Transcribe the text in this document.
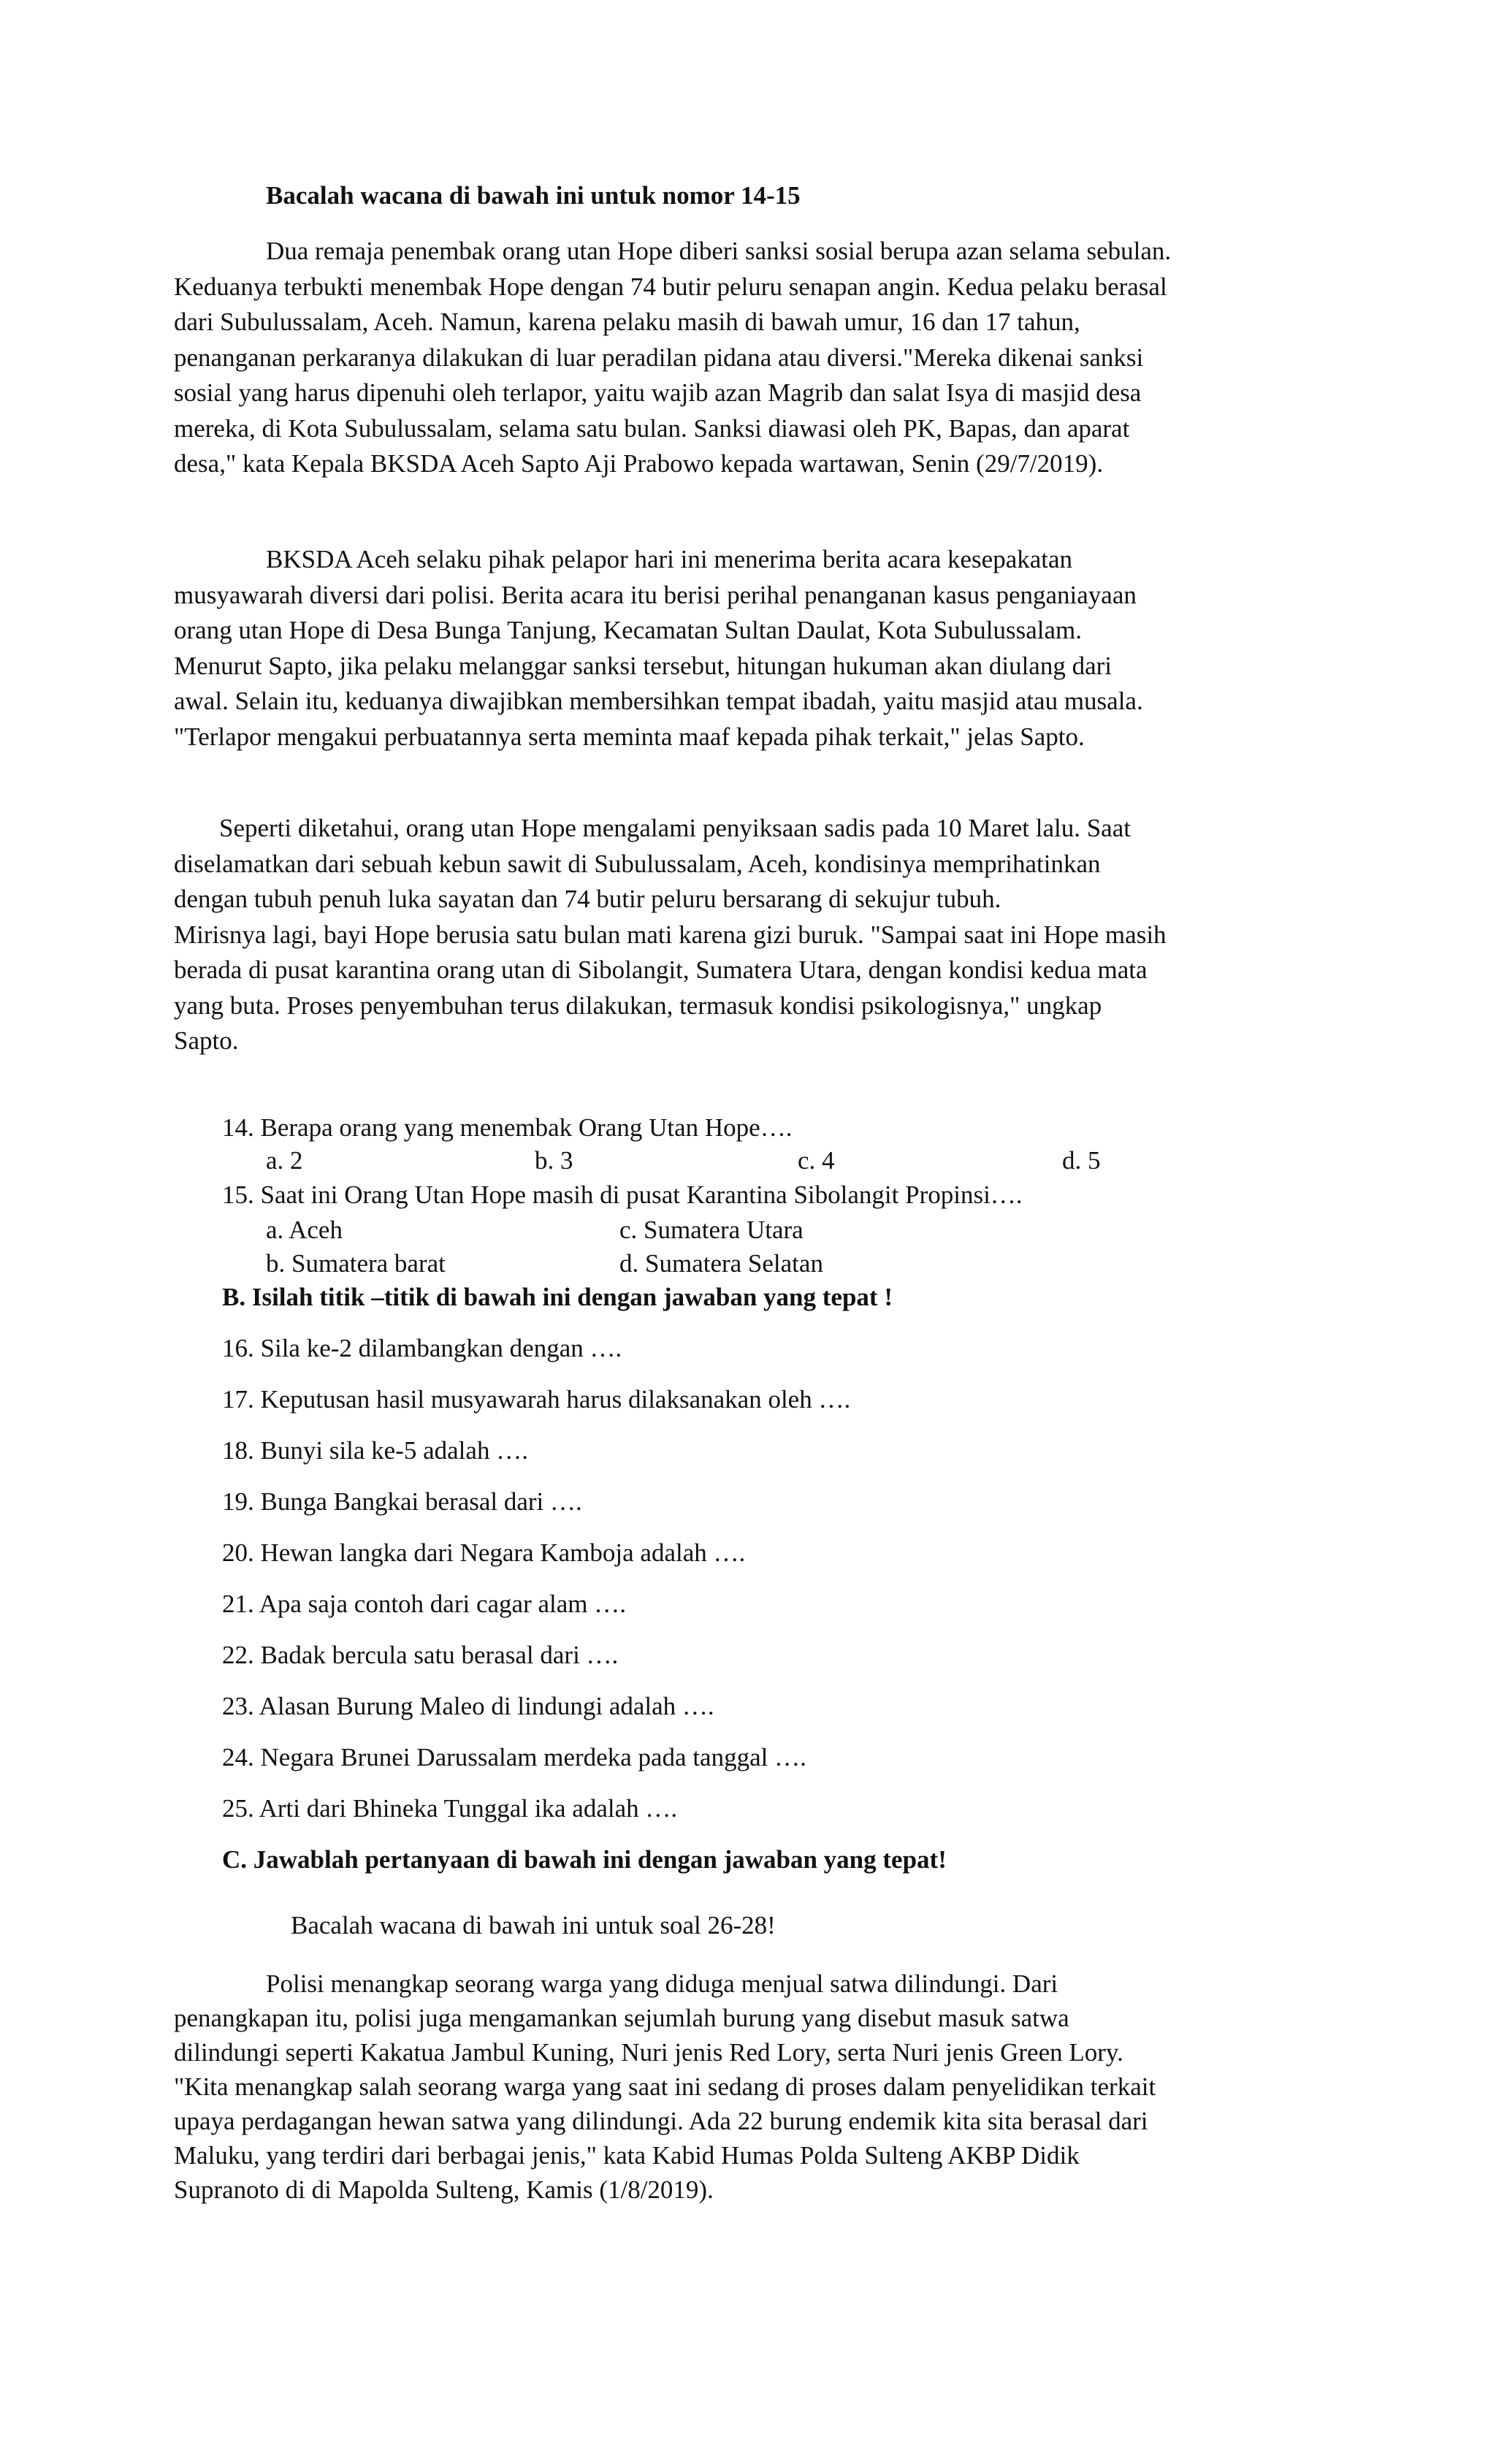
Bacalah wacana di bawah ini untuk nomor 14-15
Dua remaja penembak orang utan Hope diberi sanksi sosial berupa azan selama sebulan.
Keduanya terbukti menembak Hope dengan 74 butir peluru senapan angin. Kedua pelaku berasal
dari Subulussalam, Aceh. Namun, karena pelaku masih di bawah umur, 16 dan 17 tahun,
penanganan perkaranya dilakukan di luar peradilan pidana atau diversi."Mereka dikenai sanksi
sosial yang harus dipenuhi oleh terlapor, yaitu wajib azan Magrib dan salat Isya di masjid desa
mereka, di Kota Subulussalam, selama satu bulan. Sanksi diawasi oleh PK, Bapas, dan aparat
desa," kata Kepala BKSDA Aceh Sapto Aji Prabowo kepada wartawan, Senin (29/7/2019).
BKSDA Aceh selaku pihak pelapor hari ini menerima berita acara kesepakatan
musyawarah diversi dari polisi. Berita acara itu berisi perihal penanganan kasus penganiayaan
orang utan Hope di Desa Bunga Tanjung, Kecamatan Sultan Daulat, Kota Subulussalam.
Menurut Sapto, jika pelaku melanggar sanksi tersebut, hitungan hukuman akan diulang dari
awal. Selain itu, keduanya diwajibkan membersihkan tempat ibadah, yaitu masjid atau musala.
"Terlapor mengakui perbuatannya serta meminta maaf kepada pihak terkait," jelas Sapto.
Seperti diketahui, orang utan Hope mengalami penyiksaan sadis pada 10 Maret lalu. Saat
diselamatkan dari sebuah kebun sawit di Subulussalam, Aceh, kondisinya memprihatinkan
dengan tubuh penuh luka sayatan dan 74 butir peluru bersarang di sekujur tubuh.
Mirisnya lagi, bayi Hope berusia satu bulan mati karena gizi buruk. "Sampai saat ini Hope masih
berada di pusat karantina orang utan di Sibolangit, Sumatera Utara, dengan kondisi kedua mata
yang buta. Proses penyembuhan terus dilakukan, termasuk kondisi psikologisnya," ungkap
Sapto.
14. Berapa orang yang menembak Orang Utan Hope….
a. 2	b. 3	c. 4	d. 5
15. Saat ini Orang Utan Hope masih di pusat Karantina Sibolangit Propinsi….
a. Aceh	c. Sumatera Utara
b. Sumatera barat	d. Sumatera Selatan
B. Isilah titik –titik di bawah ini dengan jawaban yang tepat !
16. Sila ke-2 dilambangkan dengan ….
17. Keputusan hasil musyawarah harus dilaksanakan oleh ….
18. Bunyi sila ke-5 adalah ….
19. Bunga Bangkai berasal dari ….
20. Hewan langka dari Negara Kamboja adalah ….
21. Apa saja contoh dari cagar alam ….
22. Badak bercula satu berasal dari ….
23. Alasan Burung Maleo di lindungi adalah ….
24. Negara Brunei Darussalam merdeka pada tanggal ….
25. Arti dari Bhineka Tunggal ika adalah ….
C. Jawablah pertanyaan di bawah ini dengan jawaban yang tepat!
Bacalah wacana di bawah ini untuk soal 26-28!
Polisi menangkap seorang warga yang diduga menjual satwa dilindungi. Dari
penangkapan itu, polisi juga mengamankan sejumlah burung yang disebut masuk satwa
dilindungi seperti Kakatua Jambul Kuning, Nuri jenis Red Lory, serta Nuri jenis Green Lory.
"Kita menangkap salah seorang warga yang saat ini sedang di proses dalam penyelidikan terkait
upaya perdagangan hewan satwa yang dilindungi. Ada 22 burung endemik kita sita berasal dari
Maluku, yang terdiri dari berbagai jenis," kata Kabid Humas Polda Sulteng AKBP Didik
Supranoto di di Mapolda Sulteng, Kamis (1/8/2019).
